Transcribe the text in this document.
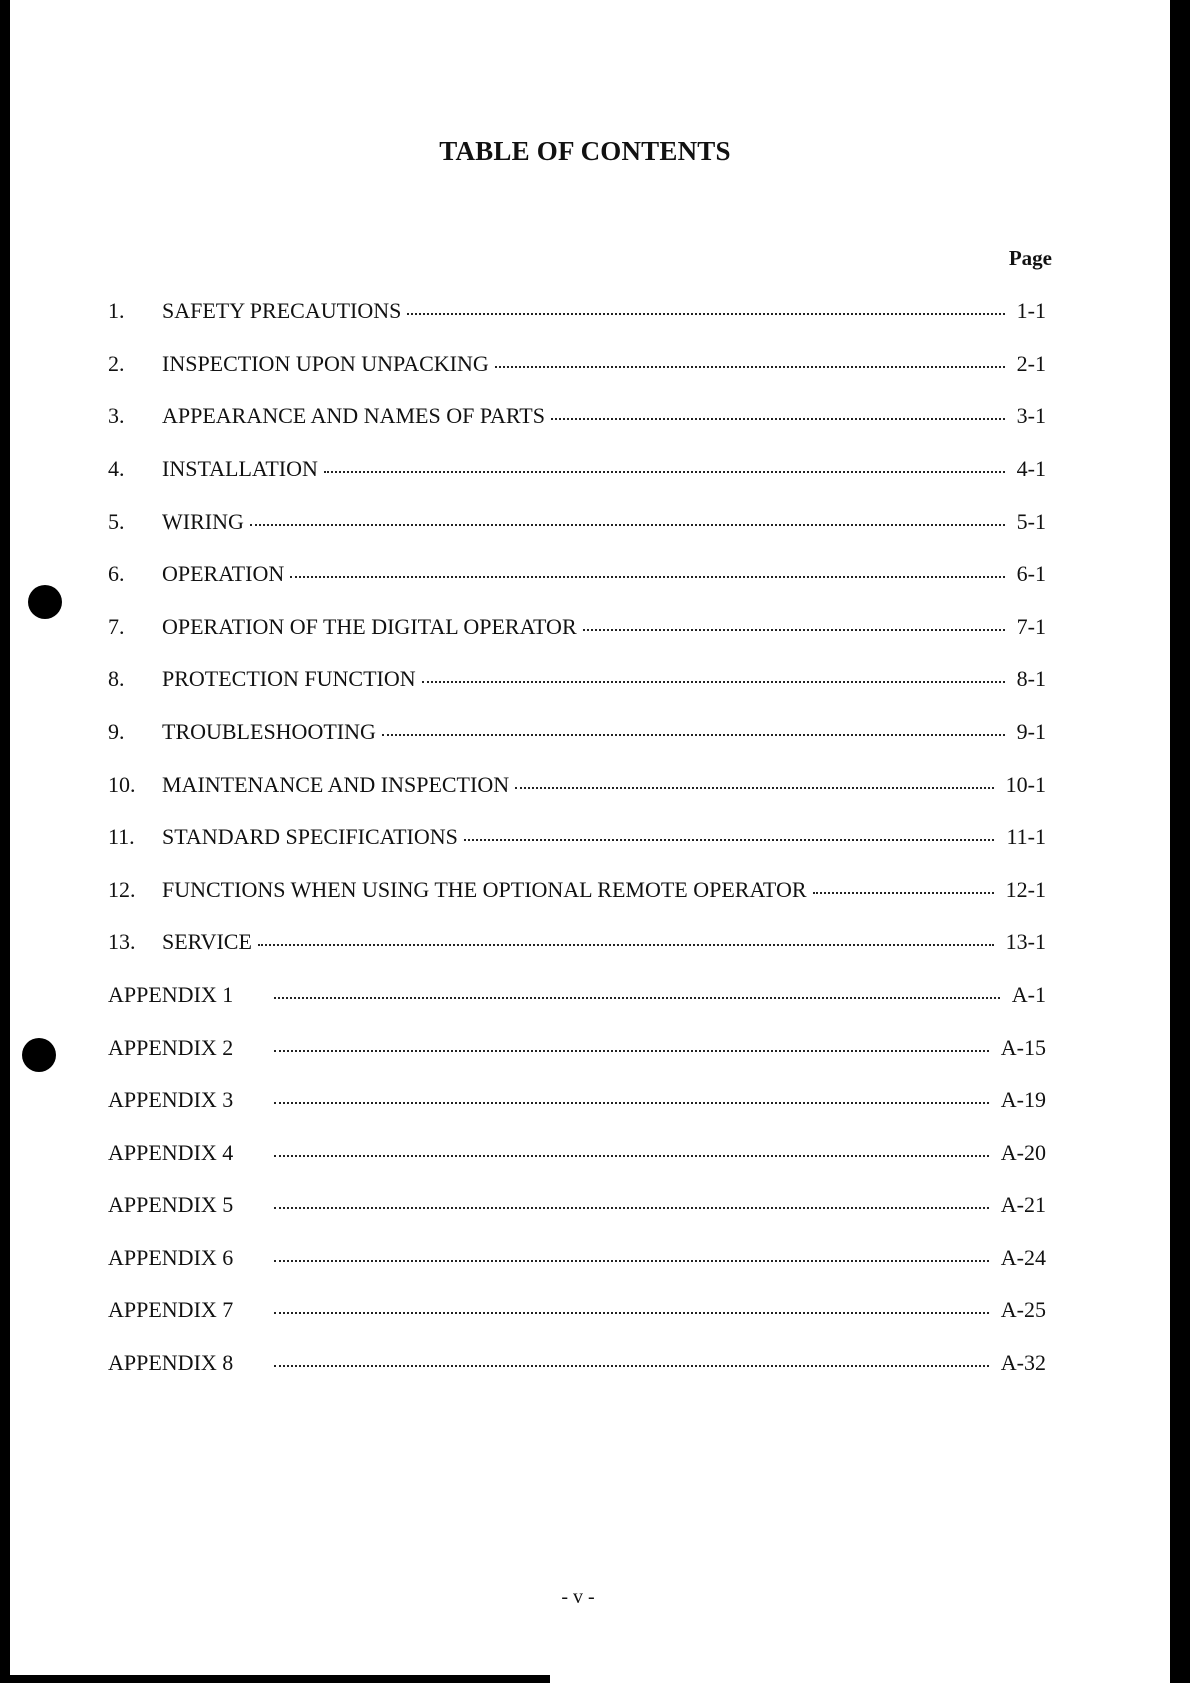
TABLE OF CONTENTS
Page
1.	SAFETY PRECAUTIONS	1-1
2.	INSPECTION UPON UNPACKING	2-1
3.	APPEARANCE AND NAMES OF PARTS	3-1
4.	INSTALLATION	4-1
5.	WIRING	5-1
6.	OPERATION	6-1
7.	OPERATION OF THE DIGITAL OPERATOR	7-1
8.	PROTECTION FUNCTION	8-1
9.	TROUBLESHOOTING	9-1
10.	MAINTENANCE AND INSPECTION	10-1
11.	STANDARD SPECIFICATIONS	11-1
12.	FUNCTIONS WHEN USING THE OPTIONAL REMOTE OPERATOR	12-1
13.	SERVICE	13-1
APPENDIX 1	A-1
APPENDIX 2	A-15
APPENDIX 3	A-19
APPENDIX 4	A-20
APPENDIX 5	A-21
APPENDIX 6	A-24
APPENDIX 7	A-25
APPENDIX 8	A-32
- v -
